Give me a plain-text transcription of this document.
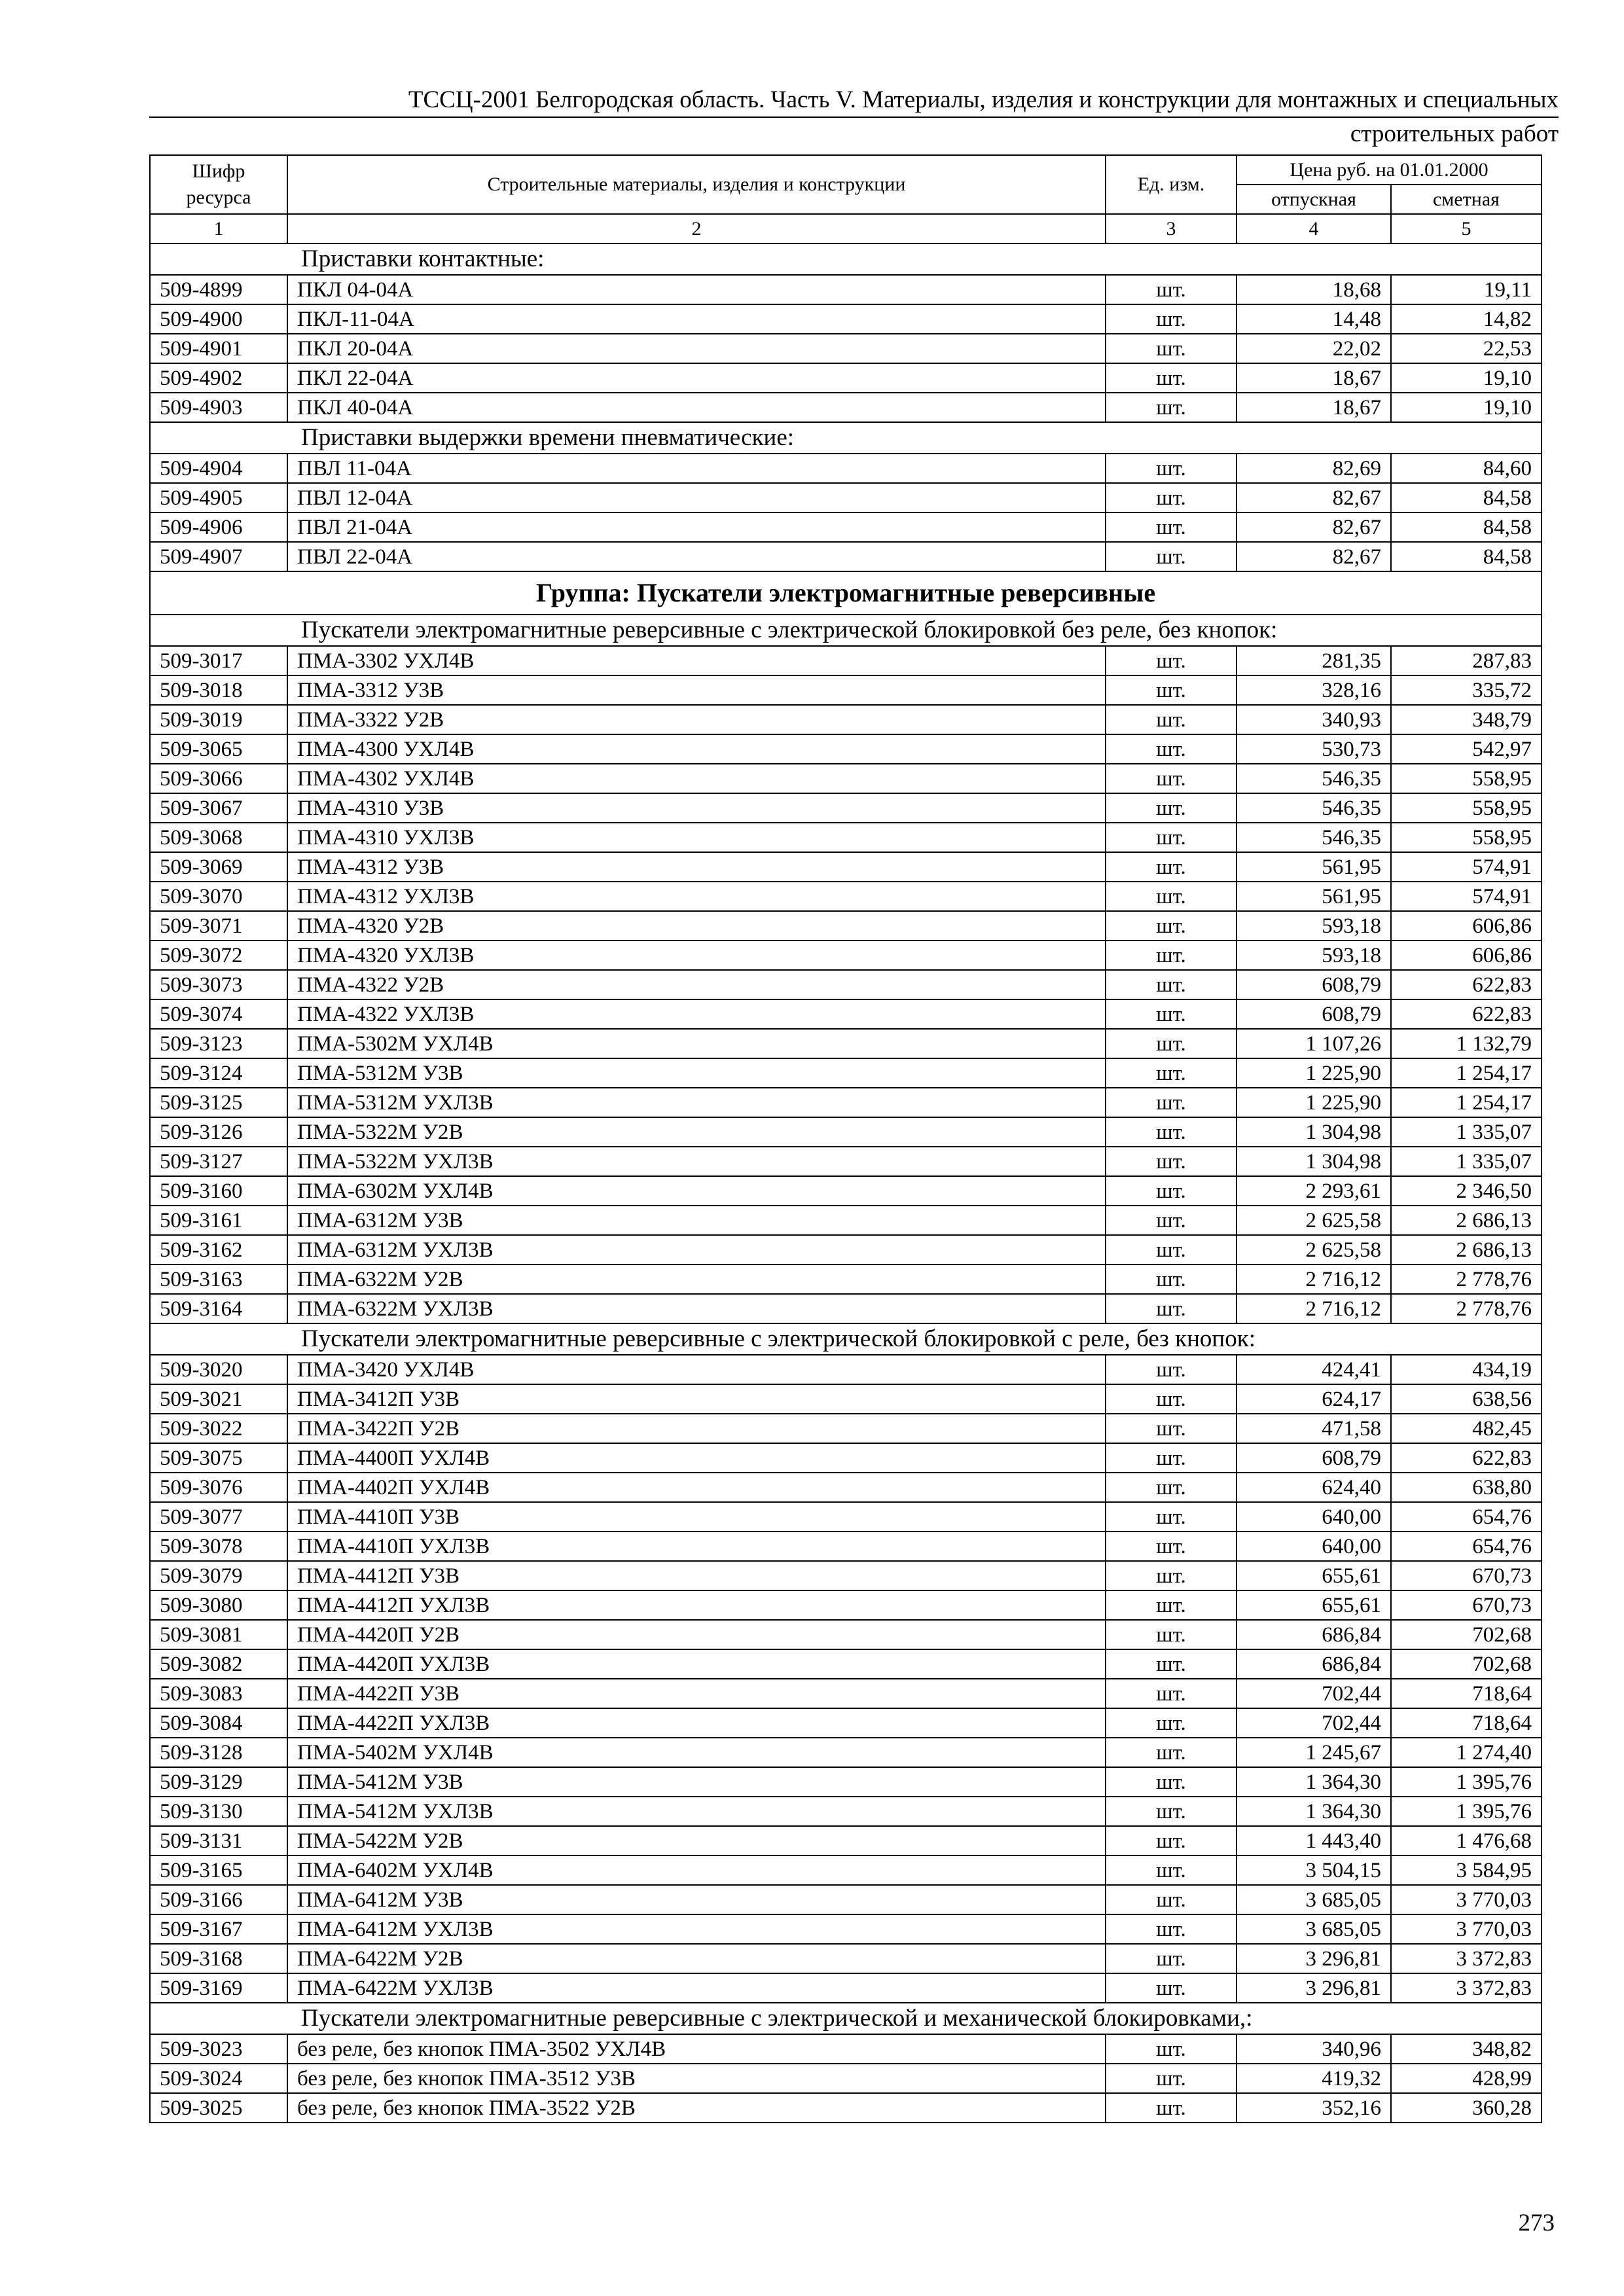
ТССЦ-2001 Белгородская область. Часть V. Материалы, изделия и конструкции для монтажных и специальных
строительных работ
Шифр ресурса	Строительные материалы, изделия и конструкции	Ед. изм.	Цена руб. на 01.01.2000	
			отпускная	сметная
1	2	3	4	5
Приставки контактные:				
509-4899	ПКЛ 04-04А	шт.	18,68	19,11
509-4900	ПКЛ-11-04А	шт.	14,48	14,82
509-4901	ПКЛ 20-04А	шт.	22,02	22,53
509-4902	ПКЛ 22-04А	шт.	18,67	19,10
509-4903	ПКЛ 40-04А	шт.	18,67	19,10
Приставки выдержки времени пневматические:				
509-4904	ПВЛ 11-04А	шт.	82,69	84,60
509-4905	ПВЛ 12-04А	шт.	82,67	84,58
509-4906	ПВЛ 21-04А	шт.	82,67	84,58
509-4907	ПВЛ 22-04А	шт.	82,67	84,58
Группа: Пускатели электромагнитные реверсивные				
Пускатели электромагнитные реверсивные с электрической блокировкой без реле, без кнопок:				
509-3017	ПМА-3302 УХЛ4В	шт.	281,35	287,83
509-3018	ПМА-3312 У3В	шт.	328,16	335,72
509-3019	ПМА-3322 У2В	шт.	340,93	348,79
509-3065	ПМА-4300 УХЛ4В	шт.	530,73	542,97
509-3066	ПМА-4302 УХЛ4В	шт.	546,35	558,95
509-3067	ПМА-4310 У3В	шт.	546,35	558,95
509-3068	ПМА-4310 УХЛ3В	шт.	546,35	558,95
509-3069	ПМА-4312 У3В	шт.	561,95	574,91
509-3070	ПМА-4312 УХЛ3В	шт.	561,95	574,91
509-3071	ПМА-4320 У2В	шт.	593,18	606,86
509-3072	ПМА-4320 УХЛ3В	шт.	593,18	606,86
509-3073	ПМА-4322 У2В	шт.	608,79	622,83
509-3074	ПМА-4322 УХЛ3В	шт.	608,79	622,83
509-3123	ПМА-5302М УХЛ4В	шт.	1 107,26	1 132,79
509-3124	ПМА-5312М У3В	шт.	1 225,90	1 254,17
509-3125	ПМА-5312М УХЛ3В	шт.	1 225,90	1 254,17
509-3126	ПМА-5322М У2В	шт.	1 304,98	1 335,07
509-3127	ПМА-5322М УХЛ3В	шт.	1 304,98	1 335,07
509-3160	ПМА-6302М УХЛ4В	шт.	2 293,61	2 346,50
509-3161	ПМА-6312М У3В	шт.	2 625,58	2 686,13
509-3162	ПМА-6312М УХЛ3В	шт.	2 625,58	2 686,13
509-3163	ПМА-6322М У2В	шт.	2 716,12	2 778,76
509-3164	ПМА-6322М УХЛ3В	шт.	2 716,12	2 778,76
Пускатели электромагнитные реверсивные с электрической блокировкой с реле, без кнопок:				
509-3020	ПМА-3420 УХЛ4В	шт.	424,41	434,19
509-3021	ПМА-3412П У3В	шт.	624,17	638,56
509-3022	ПМА-3422П У2В	шт.	471,58	482,45
509-3075	ПМА-4400П УХЛ4В	шт.	608,79	622,83
509-3076	ПМА-4402П УХЛ4В	шт.	624,40	638,80
509-3077	ПМА-4410П У3В	шт.	640,00	654,76
509-3078	ПМА-4410П УХЛ3В	шт.	640,00	654,76
509-3079	ПМА-4412П У3В	шт.	655,61	670,73
509-3080	ПМА-4412П УХЛ3В	шт.	655,61	670,73
509-3081	ПМА-4420П У2В	шт.	686,84	702,68
509-3082	ПМА-4420П УХЛ3В	шт.	686,84	702,68
509-3083	ПМА-4422П У3В	шт.	702,44	718,64
509-3084	ПМА-4422П УХЛ3В	шт.	702,44	718,64
509-3128	ПМА-5402М УХЛ4В	шт.	1 245,67	1 274,40
509-3129	ПМА-5412М У3В	шт.	1 364,30	1 395,76
509-3130	ПМА-5412М УХЛ3В	шт.	1 364,30	1 395,76
509-3131	ПМА-5422М У2В	шт.	1 443,40	1 476,68
509-3165	ПМА-6402М УХЛ4В	шт.	3 504,15	3 584,95
509-3166	ПМА-6412М У3В	шт.	3 685,05	3 770,03
509-3167	ПМА-6412М УХЛ3В	шт.	3 685,05	3 770,03
509-3168	ПМА-6422М У2В	шт.	3 296,81	3 372,83
509-3169	ПМА-6422М УХЛ3В	шт.	3 296,81	3 372,83
Пускатели электромагнитные реверсивные с электрической и механической блокировками,:				
509-3023	без реле, без кнопок ПМА-3502 УХЛ4В	шт.	340,96	348,82
509-3024	без реле, без кнопок ПМА-3512 У3В	шт.	419,32	428,99
509-3025	без реле, без кнопок ПМА-3522 У2В	шт.	352,16	360,28
273
